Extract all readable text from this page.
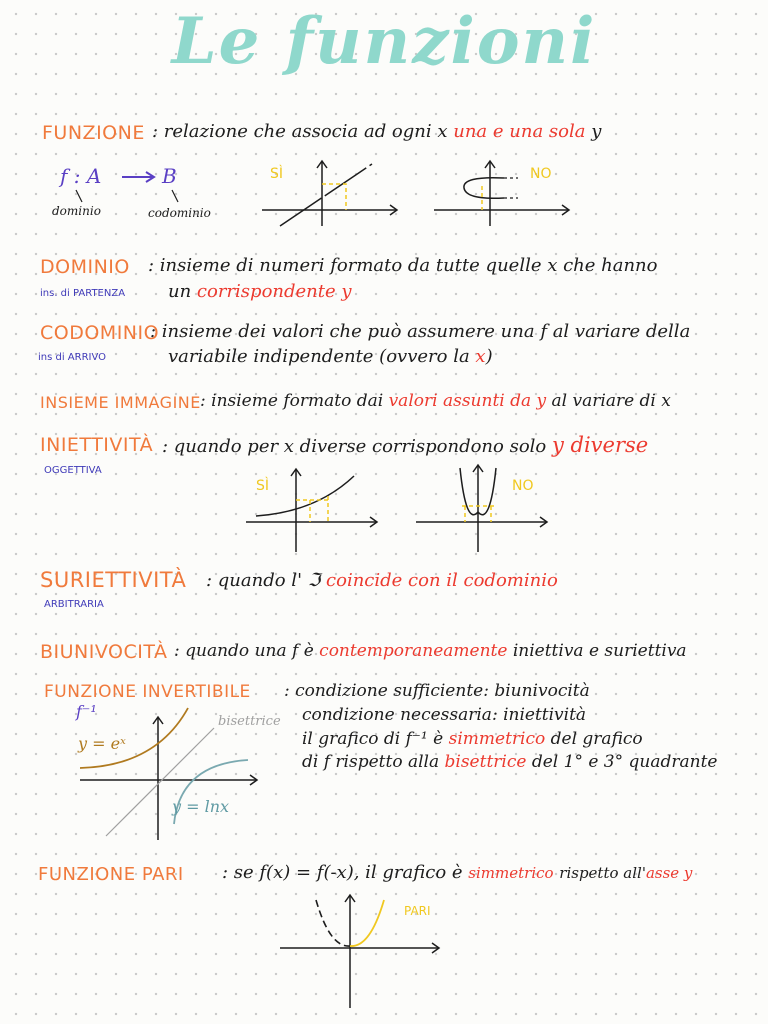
Le funzioni
FUNZIONE : relazione che associa ad ogni x una e una sola y
f : A	B
dominio	codominio
SÌ	NO
DOMINIO
ins. di PARTENZA
: insieme di numeri formato da tutte quelle x che hanno
un corrispondente y
CODOMINIO
ins di ARRIVO
: insieme dei valori che può assumere una f al variare della
variabile indipendente (ovvero la x)
INSIEME IMMAGINE : insieme formato dai valori assunti da y al variare di x
INIETTIVITÀ
OGGETTIVA
: quando per x diverse corrispondono solo y diverse
SÌ	NO
SURIETTIVITÀ
ARBITRARIA
: quando l' ℑ coincide con il codominio
BIUNIVOCITÀ : quando una f è contemporaneamente iniettiva e suriettiva
FUNZIONE INVERTIBILE : condizione sufficiente: biunivocità
condizione necessaria: iniettività
il grafico di f⁻¹ è simmetrico del grafico
di f rispetto alla bisettrice del 1° e 3° quadrante
f⁻¹
y = eˣ
y = lnx
bisettrice
FUNZIONE PARI : se f(x) = f(-x), il grafico è simmetrico rispetto all'asse y
PARI
